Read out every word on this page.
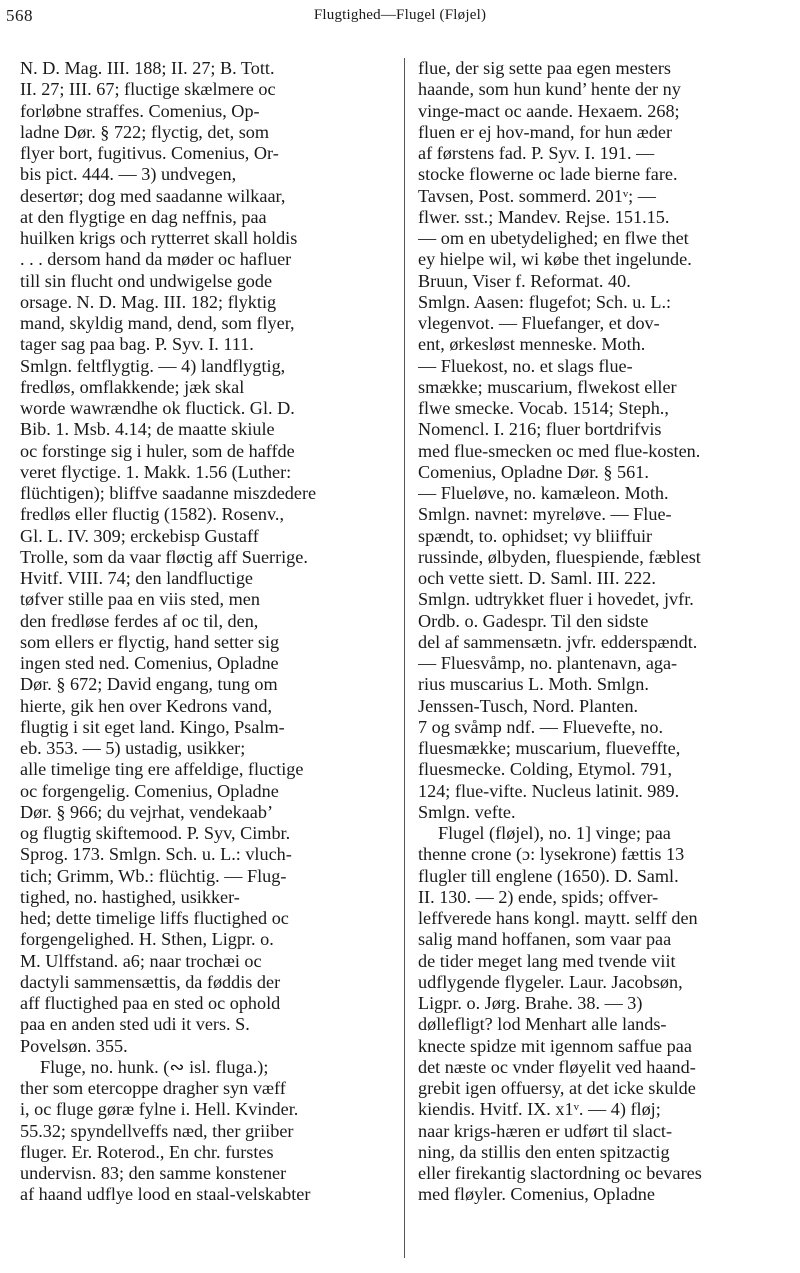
568	Flugtighed—Flugel (Fløjel)
N. D. Mag. III. 188; II. 27; B. Tott.
II. 27; III. 67; fluctige skælmere oc
forløbne straffes. Comenius, Op-
ladne Dør. § 722; flyctig, det, som
flyer bort, fugitivus. Comenius, Or-
bis pict. 444. — 3) undvegen,
desertør; dog med saadanne wilkaar,
at den flygtige en dag neffnis, paa
huilken krigs och rytterret skall holdis
. . . dersom hand da møder oc hafluer
till sin flucht ond undwigelse gode
orsage. N. D. Mag. III. 182; flyktig
mand, skyldig mand, dend, som flyer,
tager sag paa bag. P. Syv. I. 111.
Smlgn. feltflygtig. — 4) landflygtig,
fredløs, omflakkende; jæk skal
worde wawrændhe ok fluctick. Gl. D.
Bib. 1. Msb. 4.14; de maatte skiule
oc forstinge sig i huler, som de haffde
veret flyctige. 1. Makk. 1.56 (Luther:
flüchtigen); bliffve saadanne miszdedere
fredløs eller fluctig (1582). Rosenv.,
Gl. L. IV. 309; erckebisp Gustaff
Trolle, som da vaar fløctig aff Suerrige.
Hvitf. VIII. 74; den landfluctige
tøfver stille paa en viis sted, men
den fredløse ferdes af oc til, den,
som ellers er flyctig, hand setter sig
ingen sted ned. Comenius, Opladne
Dør. § 672; David engang, tung om
hierte, gik hen over Kedrons vand,
flugtig i sit eget land. Kingo, Psalm-
eb. 353. — 5) ustadig, usikker;
alle timelige ting ere affeldige, fluctige
oc forgengelig. Comenius, Opladne
Dør. § 966; du vejrhat, vendekaab’
og flugtig skiftemood. P. Syv, Cimbr.
Sprog. 173. Smlgn. Sch. u. L.: vluch-
tich; Grimm, Wb.: flüchtig. — Flug-
tighed, no. hastighed, usikker-
hed; dette timelige liffs fluctighed oc
forgengelighed. H. Sthen, Ligpr. o.
M. Ulffstand. a6; naar trochæi oc
dactyli sammensættis, da føddis der
aff fluctighed paa en sted oc ophold
paa en anden sted udi it vers. S.
Povelsøn. 355.
Fluge, no. hunk. (∾ isl. fluga.);
ther som etercoppe dragher syn væff
i, oc fluge gøræ fylne i. Hell. Kvinder.
55.32; spyndellveffs næd, ther griiber
fluger. Er. Roterod., En chr. furstes
undervisn. 83; den samme konstener
af haand udflye lood en staal-velskabter
flue, der sig sette paa egen mesters
haande, som hun kund’ hente der ny
vinge-mact oc aande. Hexaem. 268;
fluen er ej hov-mand, for hun æder
af førstens fad. P. Syv. I. 191. —
stocke flowerne oc lade bierne fare.
Tavsen, Post. sommerd. 201ᵛ; —
flwer. sst.; Mandev. Rejse. 151.15.
— om en ubetydelighed; en flwe thet
ey hielpe wil, wi købe thet ingelunde.
Bruun, Viser f. Reformat. 40.
Smlgn. Aasen: flugefot; Sch. u. L.:
vlegenvot. — Fluefanger, et dov-
ent, ørkesløst menneske. Moth.
— Fluekost, no. et slags flue-
smække; muscarium, flwekost eller
flwe smecke. Vocab. 1514; Steph.,
Nomencl. I. 216; fluer bortdrifvis
med flue-smecken oc med flue-kosten.
Comenius, Opladne Dør. § 561.
— Flueløve, no. kamæleon. Moth.
Smlgn. navnet: myreløve. — Flue-
spændt, to. ophidset; vy bliiffuir
russinde, ølbyden, fluespiende, fæblest
och vette siett. D. Saml. III. 222.
Smlgn. udtrykket fluer i hovedet, jvfr.
Ordb. o. Gadespr. Til den sidste
del af sammensætn. jvfr. edderspændt.
— Fluesvåmp, no. plantenavn, aga-
rius muscarius L. Moth. Smlgn.
Jenssen-Tusch, Nord. Planten.
7 og svåmp ndf. — Fluevefte, no.
fluesmække; muscarium, flueveffte,
fluesmecke. Colding, Etymol. 791,
124; flue-vifte. Nucleus latinit. 989.
Smlgn. vefte.
Flugel (fløjel), no. 1] vinge; paa
thenne crone (ɔ: lysekrone) fættis 13
flugler till englene (1650). D. Saml.
II. 130. — 2) ende, spids; offver-
leffverede hans kongl. maytt. selff den
salig mand hoffanen, som vaar paa
de tider meget lang med tvende viit
udflygende flygeler. Laur. Jacobsøn,
Ligpr. o. Jørg. Brahe. 38. — 3)
døllefligt? lod Menhart alle lands-
knecte spidze mit igennom saffue paa
det næste oc vnder fløyelit ved haand-
grebit igen offuersy, at det icke skulde
kiendis. Hvitf. IX. x1ᵛ. — 4) fløj;
naar krigs-hæren er udført til slact-
ning, da stillis den enten spitzactig
eller firekantig slactordning oc bevares
med fløyler. Comenius, Opladne
